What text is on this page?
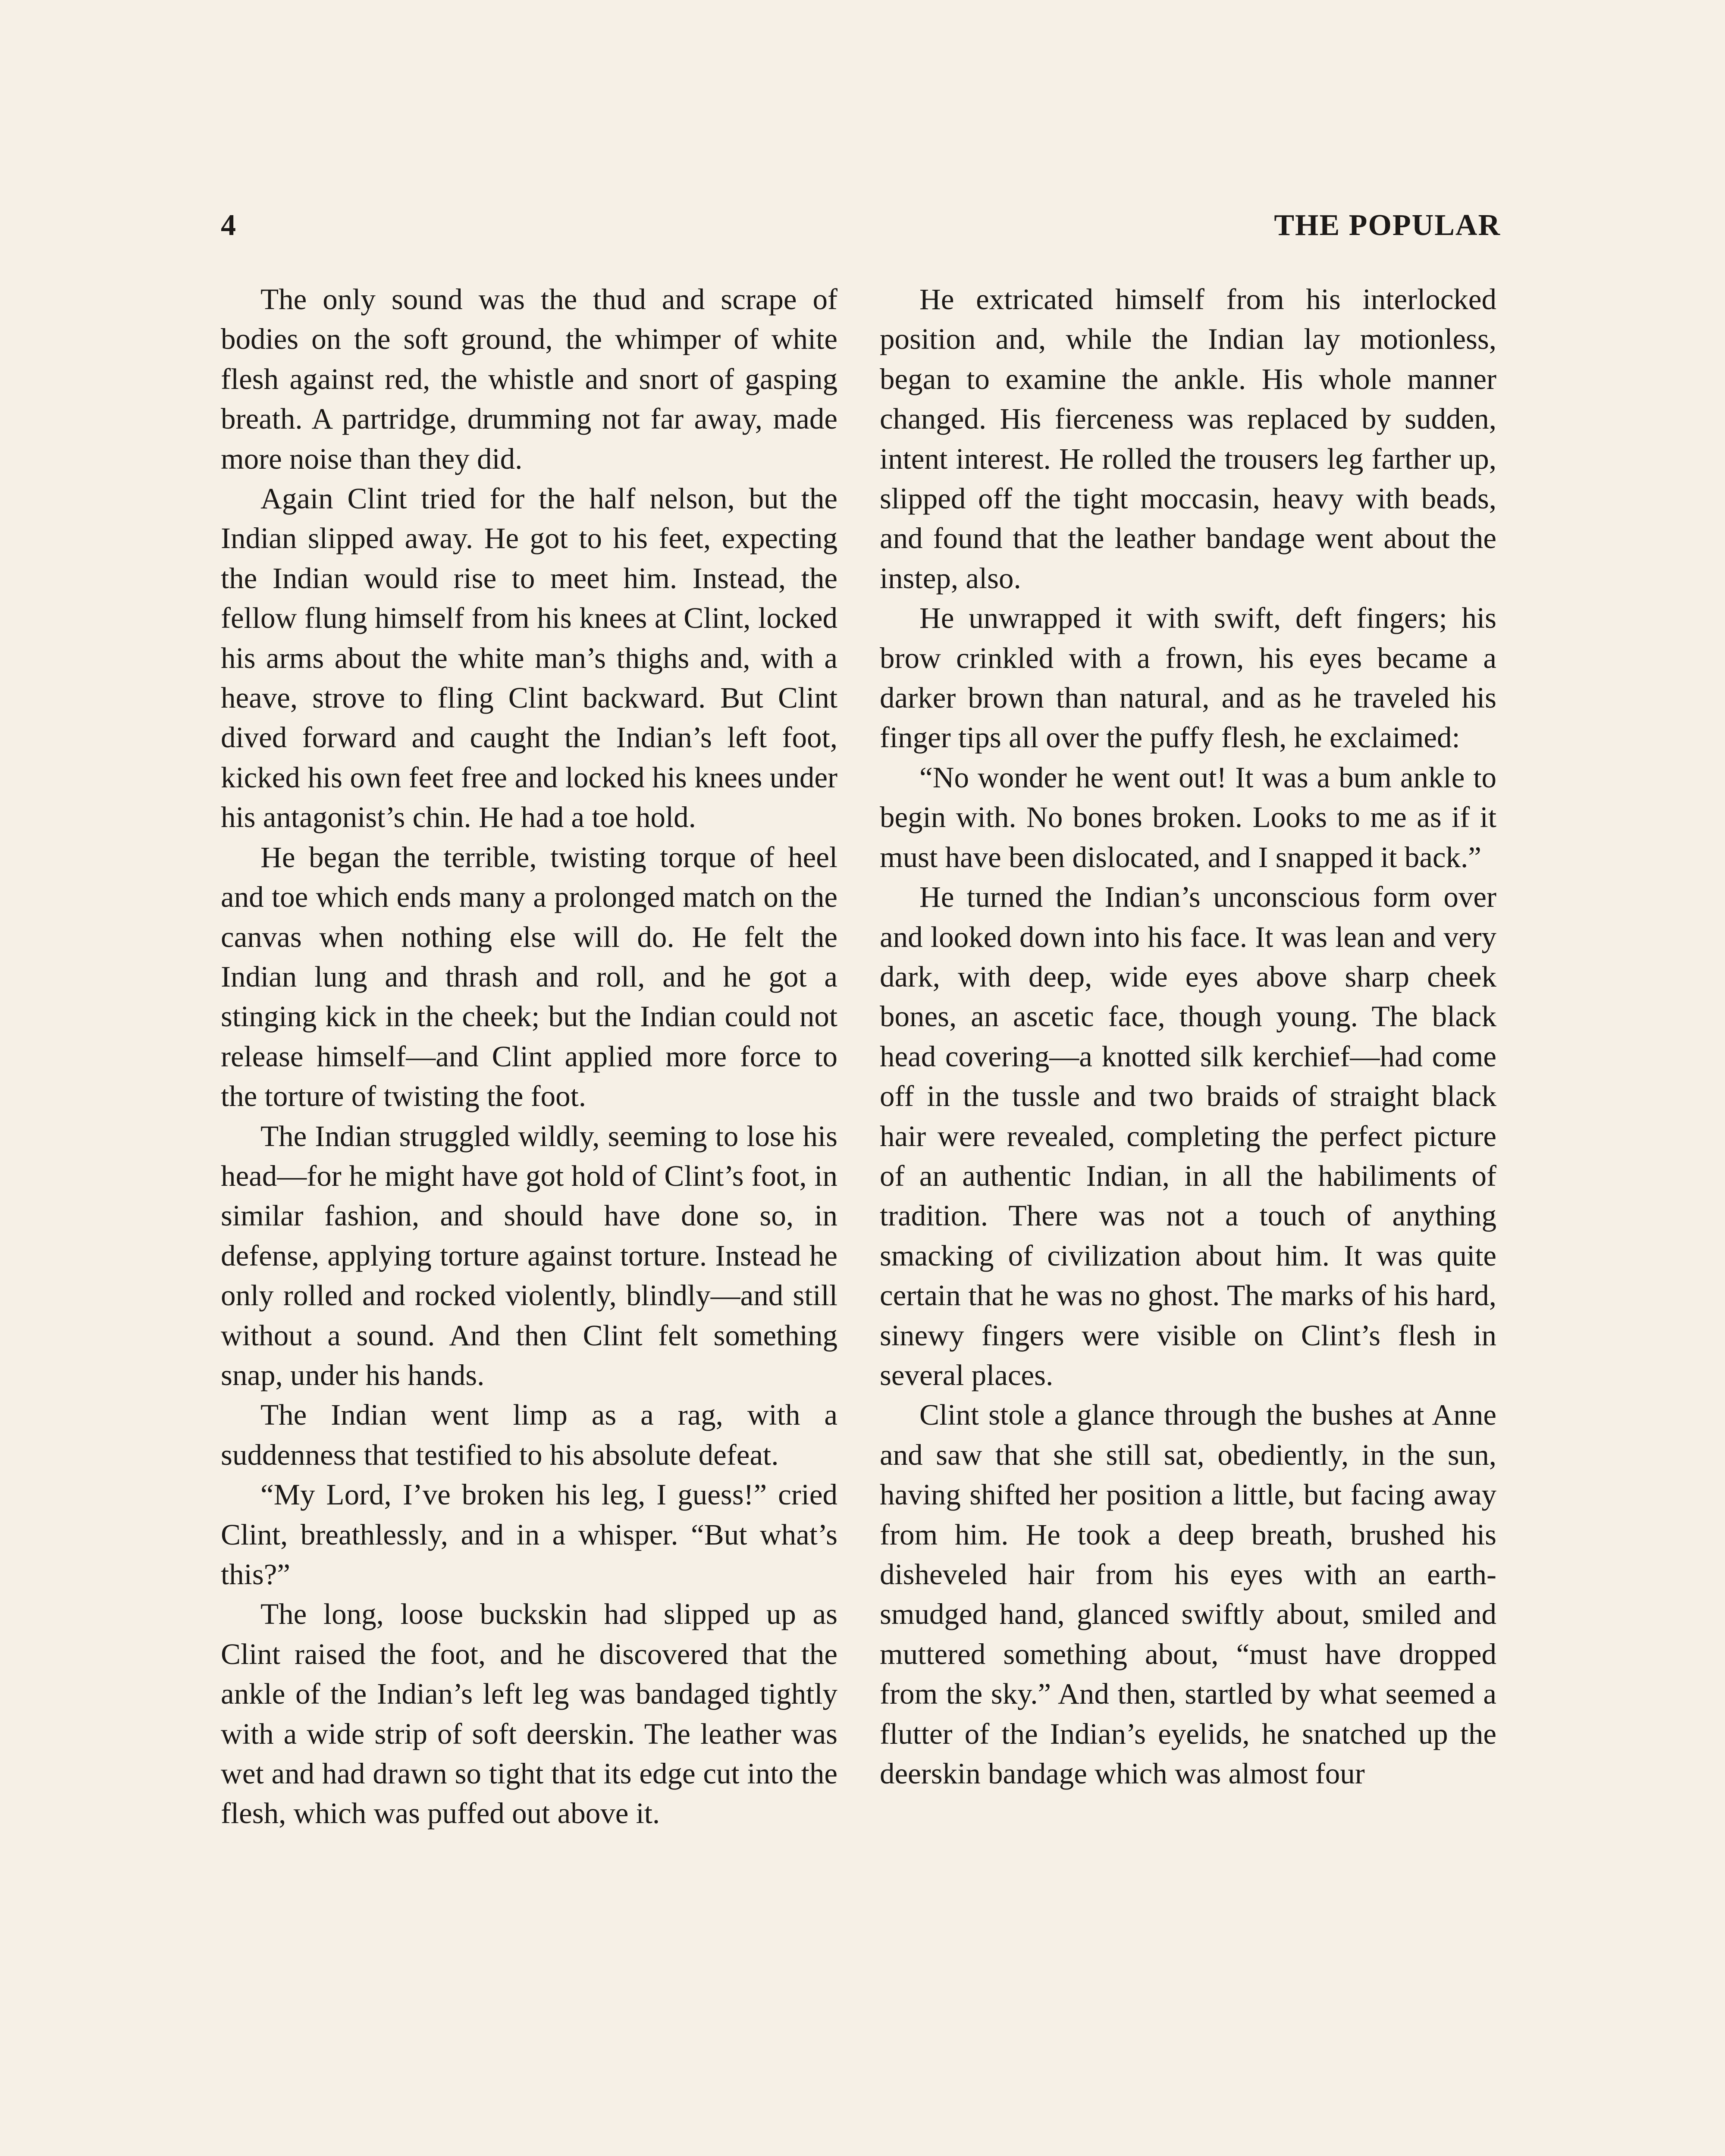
4	THE POPULAR

The only sound was the thud and scrape of bodies on the soft ground, the whimper of white flesh against red, the whistle and snort of gasping breath. A partridge, drumming not far away, made more noise than they did.

Again Clint tried for the half nelson, but the Indian slipped away. He got to his feet, expecting the Indian would rise to meet him. Instead, the fellow flung himself from his knees at Clint, locked his arms about the white man’s thighs and, with a heave, strove to fling Clint backward. But Clint dived forward and caught the Indian’s left foot, kicked his own feet free and locked his knees under his antagonist’s chin. He had a toe hold.

He began the terrible, twisting torque of heel and toe which ends many a prolonged match on the canvas when nothing else will do. He felt the Indian lung and thrash and roll, and he got a stinging kick in the cheek; but the Indian could not release himself—and Clint applied more force to the torture of twisting the foot.

The Indian struggled wildly, seeming to lose his head—for he might have got hold of Clint’s foot, in similar fashion, and should have done so, in defense, applying torture against torture. Instead he only rolled and rocked violently, blindly—and still without a sound. And then Clint felt something snap, under his hands.

The Indian went limp as a rag, with a suddenness that testified to his absolute defeat.

“My Lord, I’ve broken his leg, I guess!” cried Clint, breathlessly, and in a whisper. “But what’s this?”

The long, loose buckskin had slipped up as Clint raised the foot, and he discovered that the ankle of the Indian’s left leg was bandaged tightly with a wide strip of soft deerskin. The leather was wet and had drawn so tight that its edge cut into the flesh, which was puffed out above it.

He extricated himself from his interlocked position and, while the Indian lay motionless, began to examine the ankle. His whole manner changed. His fierceness was replaced by sudden, intent interest. He rolled the trousers leg farther up, slipped off the tight moccasin, heavy with beads, and found that the leather bandage went about the instep, also.

He unwrapped it with swift, deft fingers; his brow crinkled with a frown, his eyes became a darker brown than natural, and as he traveled his finger tips all over the puffy flesh, he exclaimed:

“No wonder he went out! It was a bum ankle to begin with. No bones broken. Looks to me as if it must have been dislocated, and I snapped it back.”

He turned the Indian’s unconscious form over and looked down into his face. It was lean and very dark, with deep, wide eyes above sharp cheek bones, an ascetic face, though young. The black head covering—a knotted silk kerchief—had come off in the tussle and two braids of straight black hair were revealed, completing the perfect picture of an authentic Indian, in all the habiliments of tradition. There was not a touch of anything smacking of civilization about him. It was quite certain that he was no ghost. The marks of his hard, sinewy fingers were visible on Clint’s flesh in several places.

Clint stole a glance through the bushes at Anne and saw that she still sat, obediently, in the sun, having shifted her position a little, but facing away from him. He took a deep breath, brushed his disheveled hair from his eyes with an earth-smudged hand, glanced swiftly about, smiled and muttered something about, “must have dropped from the sky.” And then, startled by what seemed a flutter of the Indian’s eyelids, he snatched up the deerskin bandage which was almost four
